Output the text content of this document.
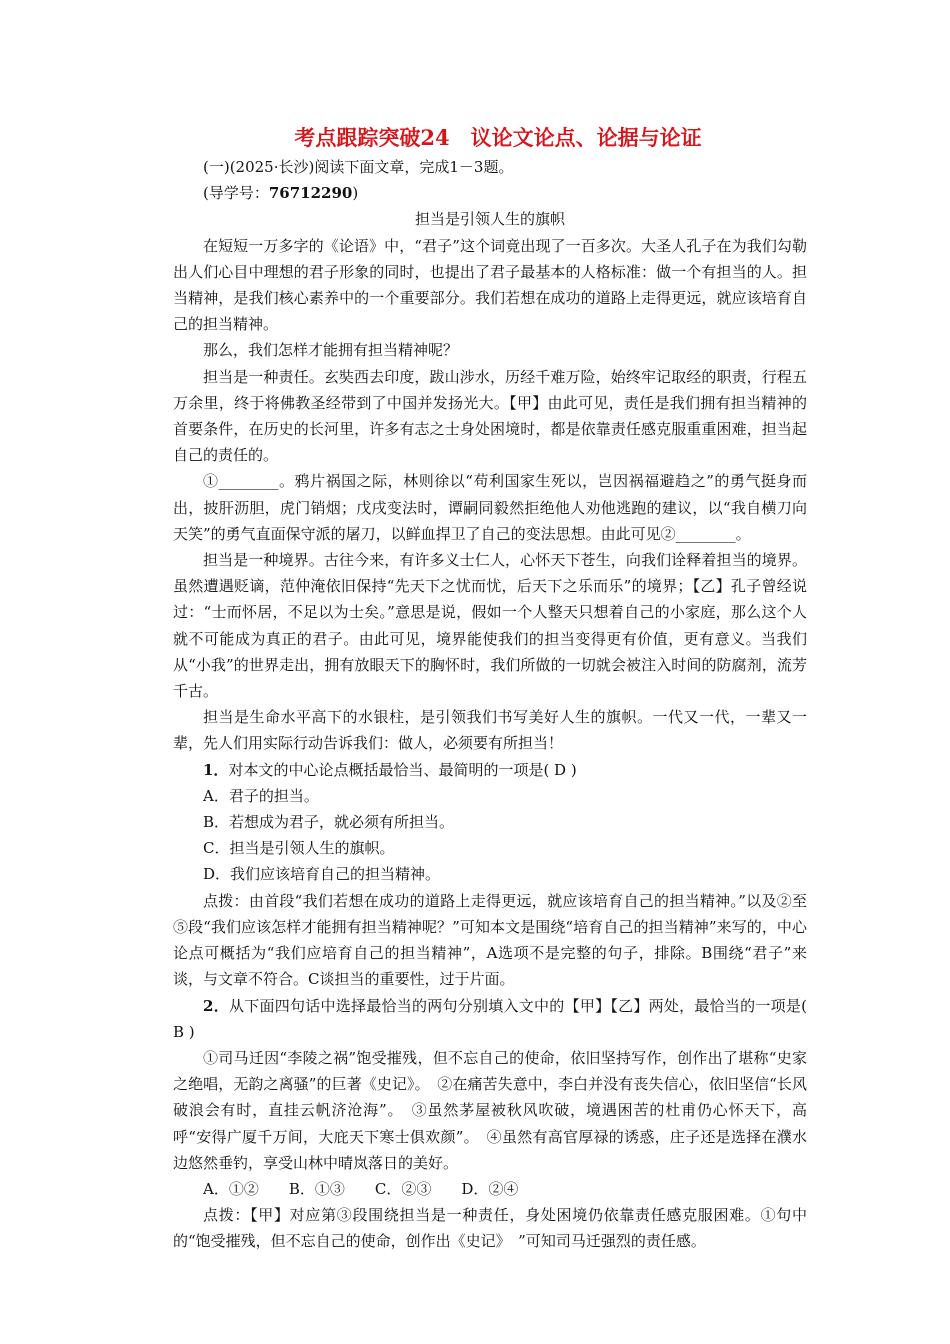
考点跟踪突破24　议论文论点、论据与论证

(一)(2025·长沙)阅读下面文章，完成1－3题。

(导学号：76712290)

担当是引领人生的旗帜

在短短一万多字的《论语》中，“君子”这个词竟出现了一百多次。大圣人孔子在为我们勾勒出人们心目中理想的君子形象的同时，也提出了君子最基本的人格标准：做一个有担当的人。担当精神，是我们核心素养中的一个重要部分。我们若想在成功的道路上走得更远，就应该培育自己的担当精神。

那么，我们怎样才能拥有担当精神呢？

担当是一种责任。玄奘西去印度，跋山涉水，历经千难万险，始终牢记取经的职责，行程五万余里，终于将佛教圣经带到了中国并发扬光大。【甲】由此可见，责任是我们拥有担当精神的首要条件，在历史的长河里，许多有志之士身处困境时，都是依靠责任感克服重重困难，担当起自己的责任的。

①________。鸦片祸国之际，林则徐以“苟利国家生死以，岂因祸福避趋之”的勇气挺身而出，披肝沥胆，虎门销烟；戊戌变法时，谭嗣同毅然拒绝他人劝他逃跑的建议，以“我自横刀向天笑”的勇气直面保守派的屠刀，以鲜血捍卫了自己的变法思想。由此可见②________。

担当是一种境界。古往今来，有许多义士仁人，心怀天下苍生，向我们诠释着担当的境界。虽然遭遇贬谪，范仲淹依旧保持“先天下之忧而忧，后天下之乐而乐”的境界；【乙】孔子曾经说过：“士而怀居，不足以为士矣。”意思是说，假如一个人整天只想着自己的小家庭，那么这个人就不可能成为真正的君子。由此可见，境界能使我们的担当变得更有价值，更有意义。当我们从“小我”的世界走出，拥有放眼天下的胸怀时，我们所做的一切就会被注入时间的防腐剂，流芳千古。

担当是生命水平高下的水银柱，是引领我们书写美好人生的旗帜。一代又一代，一辈又一辈，先人们用实际行动告诉我们：做人，必须要有所担当！

1．对本文的中心论点概括最恰当、最简明的一项是( D )

A．君子的担当。

B．若想成为君子，就必须有所担当。

C．担当是引领人生的旗帜。

D．我们应该培育自己的担当精神。

点拨：由首段“我们若想在成功的道路上走得更远，就应该培育自己的担当精神。”以及②至⑤段“我们应该怎样才能拥有担当精神呢？”可知本文是围绕“培育自己的担当精神”来写的，中心论点可概括为“我们应培育自己的担当精神”，A选项不是完整的句子，排除。B围绕“君子”来谈，与文章不符合。C谈担当的重要性，过于片面。

2．从下面四句话中选择最恰当的两句分别填入文中的【甲】【乙】两处，最恰当的一项是( B )

①司马迁因“李陵之祸”饱受摧残，但不忘自己的使命，依旧坚持写作，创作出了堪称“史家之绝唱，无韵之离骚”的巨著《史记》。　②在痛苦失意中，李白并没有丧失信心，依旧坚信“长风破浪会有时，直挂云帆济沧海”。　③虽然茅屋被秋风吹破，境遇困苦的杜甫仍心怀天下，高呼“安得广厦千万间，大庇天下寒士俱欢颜”。　④虽然有高官厚禄的诱惑，庄子还是选择在濮水边悠然垂钓，享受山林中晴岚落日的美好。

A．①②　　B．①③　　C．②③　　D．②④

点拨：【甲】对应第③段围绕担当是一种责任，身处困境仍依靠责任感克服困难。①句中的“饱受摧残，但不忘自己的使命，创作出《史记》　”可知司马迁强烈的责任感。
